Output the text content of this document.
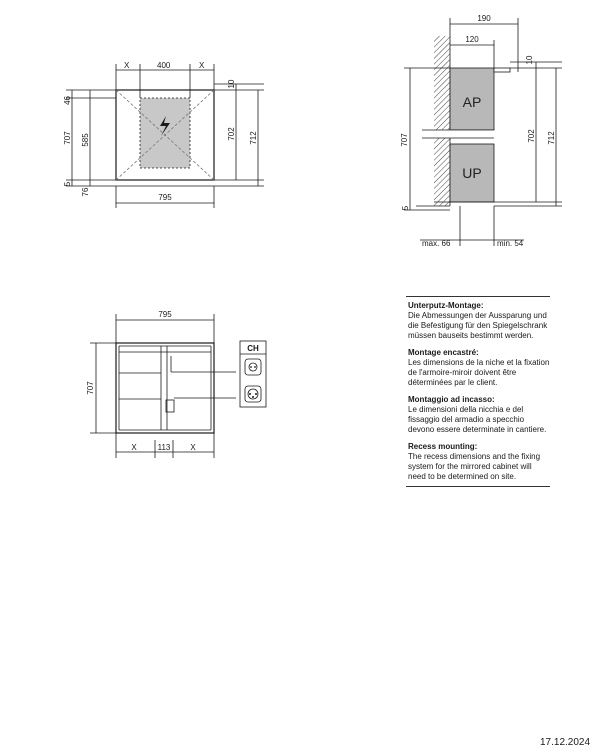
X	400	X
46
585
707
76
5
10
702 712
795
190
120
10
707	702 712
5
AP
UP
max. 66	min. 54
795
707
X	113 X
CH
Unterputz-Montage:
Die Abmessungen der Aussparung und die Befestigung für den Spiegelschrank müssen bauseits bestimmt werden.
Montage encastré:
Les dimensions de la niche et la fixation de l'armoire-miroir doivent être déterminées par le client.
Montaggio ad incasso:
Le dimensioni della nicchia e del fissaggio del armadio a specchio devono essere determinate in cantiere.
Recess mounting:
The recess dimensions and the fixing system for the mirrored cabinet will need to be determined on site.
17.12.2024
